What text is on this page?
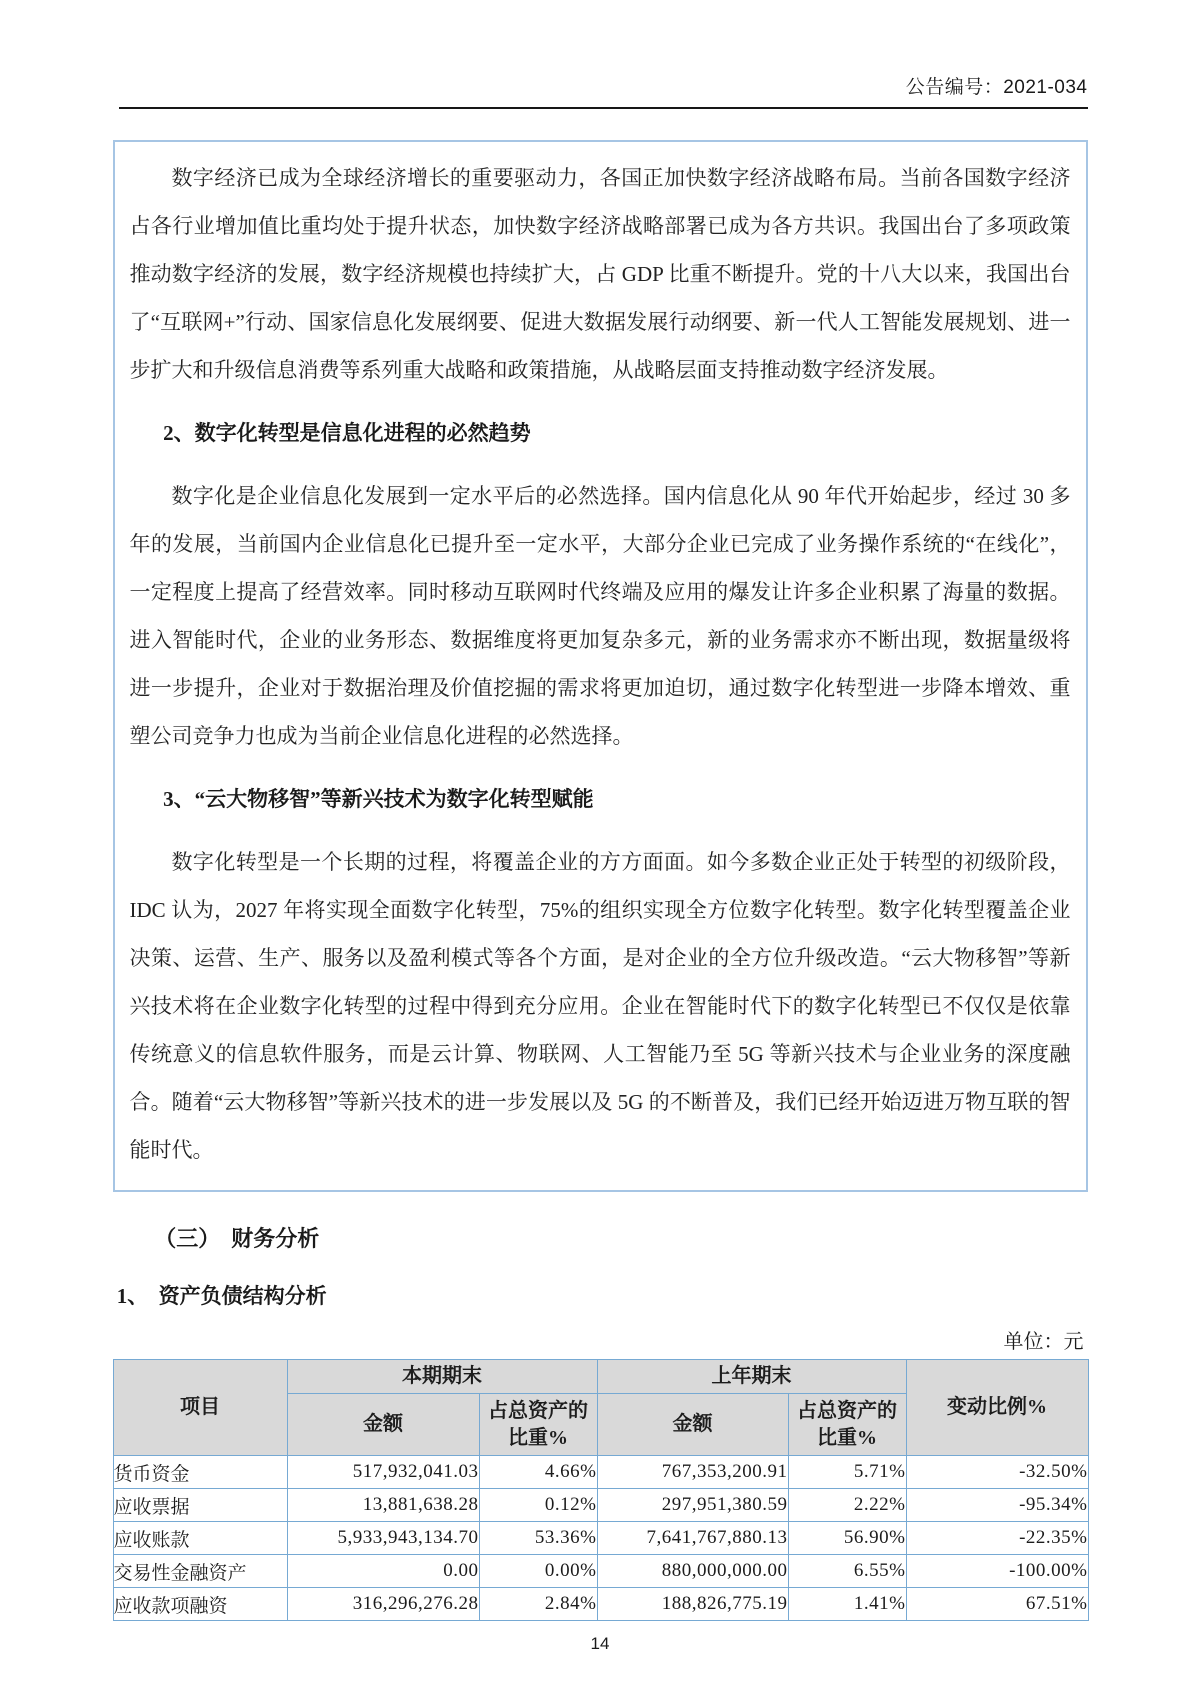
公告编号：2021-034

数字经济已成为全球经济增长的重要驱动力，各国正加快数字经济战略布局。当前各国数字经济占各行业增加值比重均处于提升状态，加快数字经济战略部署已成为各方共识。我国出台了多项政策推动数字经济的发展，数字经济规模也持续扩大，占 GDP 比重不断提升。党的十八大以来，我国出台了“互联网+”行动、国家信息化发展纲要、促进大数据发展行动纲要、新一代人工智能发展规划、进一步扩大和升级信息消费等系列重大战略和政策措施，从战略层面支持推动数字经济发展。

2、数字化转型是信息化进程的必然趋势

数字化是企业信息化发展到一定水平后的必然选择。国内信息化从 90 年代开始起步，经过 30 多年的发展，当前国内企业信息化已提升至一定水平，大部分企业已完成了业务操作系统的“在线化”，一定程度上提高了经营效率。同时移动互联网时代终端及应用的爆发让许多企业积累了海量的数据。进入智能时代，企业的业务形态、数据维度将更加复杂多元，新的业务需求亦不断出现，数据量级将进一步提升，企业对于数据治理及价值挖掘的需求将更加迫切，通过数字化转型进一步降本增效、重塑公司竞争力也成为当前企业信息化进程的必然选择。

3、“云大物移智”等新兴技术为数字化转型赋能

数字化转型是一个长期的过程，将覆盖企业的方方面面。如今多数企业正处于转型的初级阶段，IDC 认为，2027 年将实现全面数字化转型，75%的组织实现全方位数字化转型。数字化转型覆盖企业决策、运营、生产、服务以及盈利模式等各个方面，是对企业的全方位升级改造。“云大物移智”等新兴技术将在企业数字化转型的过程中得到充分应用。企业在智能时代下的数字化转型已不仅仅是依靠传统意义的信息软件服务，而是云计算、物联网、人工智能乃至 5G 等新兴技术与企业业务的深度融合。随着“云大物移智”等新兴技术的进一步发展以及 5G 的不断普及，我们已经开始迈进万物互联的智能时代。

（三）　财务分析
1、　资产负债结构分析
单位：元
项目	本期期末		上年期末		变动比例%
	金额	占总资产的比重%	金额	占总资产的比重%	
货币资金	517,932,041.03	4.66%	767,353,200.91	5.71%	-32.50%
应收票据	13,881,638.28	0.12%	297,951,380.59	2.22%	-95.34%
应收账款	5,933,943,134.70	53.36%	7,641,767,880.13	56.90%	-22.35%
交易性金融资产	0.00	0.00%	880,000,000.00	6.55%	-100.00%
应收款项融资	316,296,276.28	2.84%	188,826,775.19	1.41%	67.51%
14
